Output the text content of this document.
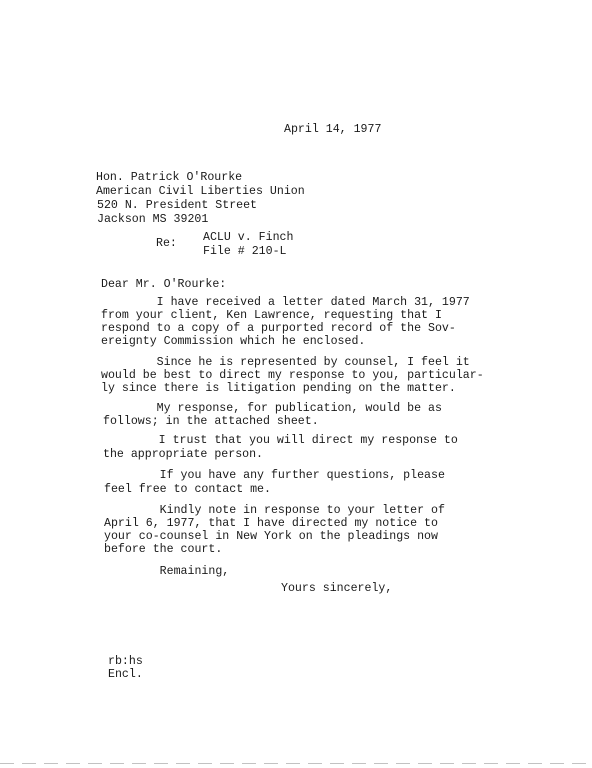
April 14, 1977
Hon. Patrick O'Rourke
American Civil Liberties Union
520 N. President Street
Jackson MS 39201
Re: ACLU v. Finch
File # 210-L
Dear Mr. O'Rourke:
I have received a letter dated March 31, 1977
from your client, Ken Lawrence, requesting that I
respond to a copy of a purported record of the Sov-
ereignty Commission which he enclosed.
Since he is represented by counsel, I feel it
would be best to direct my response to you, particular-
ly since there is litigation pending on the matter.
My response, for publication, would be as
follows; in the attached sheet.
I trust that you will direct my response to
the appropriate person.
If you have any further questions, please
feel free to contact me.
Kindly note in response to your letter of
April 6, 1977, that I have directed my notice to
your co-counsel in New York on the pleadings now
before the court.
Remaining,
Yours sincerely,
rb:hs
Encl.
